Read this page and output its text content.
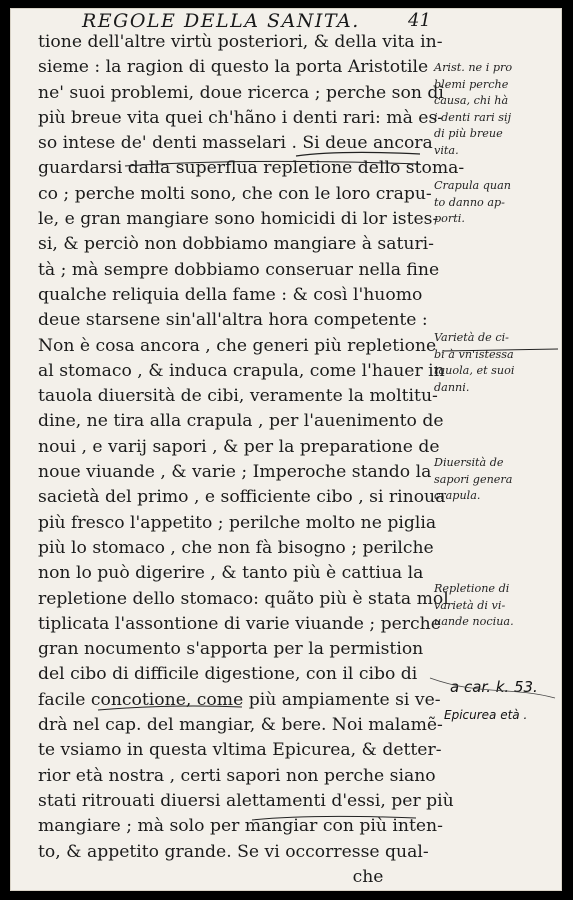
REGOLE DELLA SANITA.	41
tione dell'altre virtù posteriori, & della vita in-
sieme : la ragion di questo la porta Aristotile
ne' suoi problemi, doue ricerca ; perche son di
più breue vita quei ch'hãno i denti rari: mà es-
so intese de' denti masselari . Si deue ancora
guardarsi dalla superflua repletione dello stoma-
co ; perche molti sono, che con le loro crapu-
le, e gran mangiare sono homicidi di lor istes-
si, & perciò non dobbiamo mangiare à saturi-
tà ; mà sempre dobbiamo conseruar nella fine
qualche reliquia della fame : & così l'huomo
deue starsene sin'all'altra hora competente :
Non è cosa ancora , che generi più repletione
al stomaco , & induca crapula, come l'hauer in
tauola diuersità de cibi, veramente la moltitu-
dine, ne tira alla crapula , per l'auenimento de
noui , e varij sapori , & per la preparatione de
noue viuande , & varie ; Imperoche stando la
sacietà del primo , e sofficiente cibo , si rinoua
più fresco l'appetito ; perilche molto ne piglia
più lo stomaco , che non fà bisogno ; perilche
non lo può digerire , & tanto più è cattiua la
repletione dello stomaco: quãto più è stata mol
tiplicata l'assontione di varie viuande ; perche
gran nocumento s'apporta per la permistion
del cibo di difficile digestione, con il cibo di
facile concotione, come più ampiamente si ve-
drà nel cap. del mangiar, & bere. Noi malamẽ-
te vsiamo in questa vltima Epicurea, & detter-
rior età nostra , certi sapori non perche siano
stati ritrouati diuersi alettamenti d'essi, per più
mangiare ; mà solo per mangiar con più inten-
to, & appetito grande. Se vi occorresse qual-
che
Arist. ne i pro
blemi perche
causa, chi hà
i denti rari sij
di più breue
vita.
Crapula quan
to danno ap-
porti.
Varietà de ci-
bi à vn'istessa
tauola, et suoi
danni.
Diuersità de
sapori genera
crapula.
Repletione di
varietà di vi-
uande nociua.
a car. k. 53.
Epicurea età .
